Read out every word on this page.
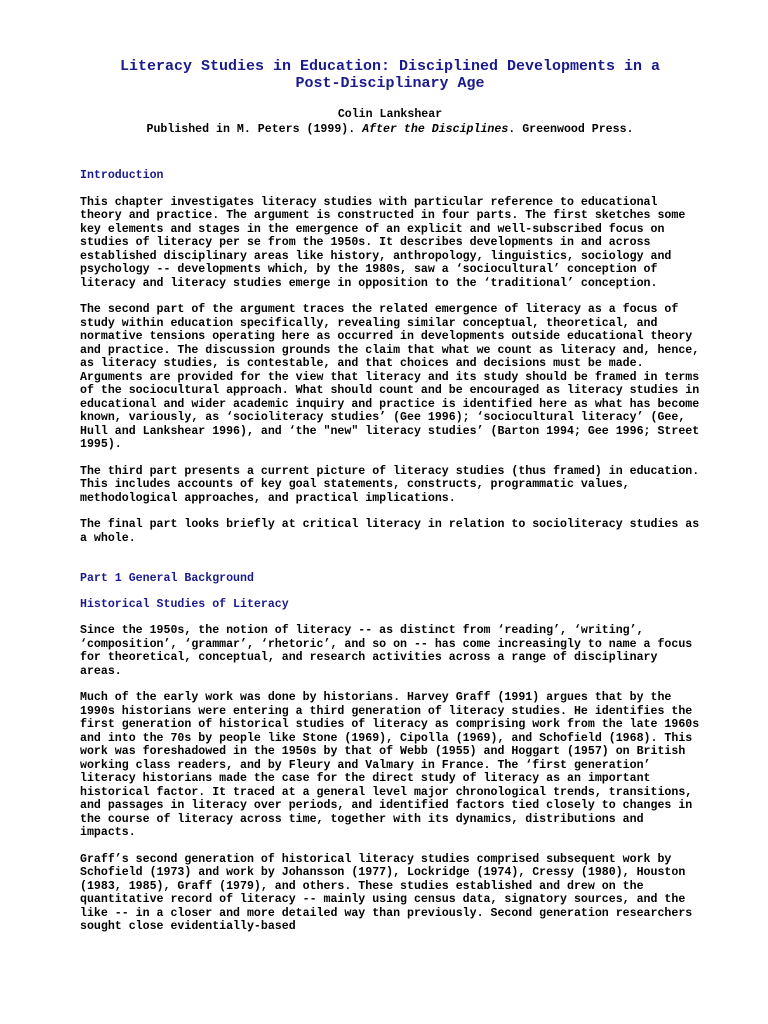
Literacy Studies in Education: Disciplined Developments in a
Post-Disciplinary Age
Colin Lankshear
Published in M. Peters (1999). After the Disciplines. Greenwood Press.
Introduction

This chapter investigates literacy studies with particular reference to educational theory and practice. The argument is constructed in four parts. The first sketches some key elements and stages in the emergence of an explicit and well-subscribed focus on studies of literacy per se from the 1950s. It describes developments in and across established disciplinary areas like history, anthropology, linguistics, sociology and psychology -- developments which, by the 1980s, saw a ‘sociocultural’ conception of literacy and literacy studies emerge in opposition to the ‘traditional’ conception.

The second part of the argument traces the related emergence of literacy as a focus of study within education specifically, revealing similar conceptual, theoretical, and normative tensions operating here as occurred in developments outside educational theory and practice. The discussion grounds the claim that what we count as literacy and, hence, as literacy studies, is contestable, and that choices and decisions must be made. Arguments are provided for the view that literacy and its study should be framed in terms of the sociocultural approach. What should count and be encouraged as literacy studies in educational and wider academic inquiry and practice is identified here as what has become known, variously, as ‘socioliteracy studies’ (Gee 1996); ‘sociocultural literacy’ (Gee, Hull and Lankshear 1996), and ‘the "new" literacy studies’ (Barton 1994; Gee 1996; Street 1995).

The third part presents a current picture of literacy studies (thus framed) in education. This includes accounts of key goal statements, constructs, programmatic values, methodological approaches, and practical implications.

The final part looks briefly at critical literacy in relation to socioliteracy studies as a whole.

Part 1 General Background
Historical Studies of Literacy

Since the 1950s, the notion of literacy -- as distinct from ‘reading’, ‘writing’, ‘composition’, ‘grammar’, ‘rhetoric’, and so on -- has come increasingly to name a focus for theoretical, conceptual, and research activities across a range of disciplinary areas.

Much of the early work was done by historians. Harvey Graff (1991) argues that by the 1990s historians were entering a third generation of literacy studies. He identifies the first generation of historical studies of literacy as comprising work from the late 1960s and into the 70s by people like Stone (1969), Cipolla (1969), and Schofield (1968). This work was foreshadowed in the 1950s by that of Webb (1955) and Hoggart (1957) on British working class readers, and by Fleury and Valmary in France. The ‘first generation’ literacy historians made the case for the direct study of literacy as an important historical factor. It traced at a general level major chronological trends, transitions, and passages in literacy over periods, and identified factors tied closely to changes in the course of literacy across time, together with its dynamics, distributions and impacts.

Graff’s second generation of historical literacy studies comprised subsequent work by Schofield (1973) and work by Johansson (1977), Lockridge (1974), Cressy (1980), Houston (1983, 1985), Graff (1979), and others. These studies established and drew on the quantitative record of literacy -- mainly using census data, signatory sources, and the like -- in a closer and more detailed way than previously. Second generation researchers sought close evidentially-based
